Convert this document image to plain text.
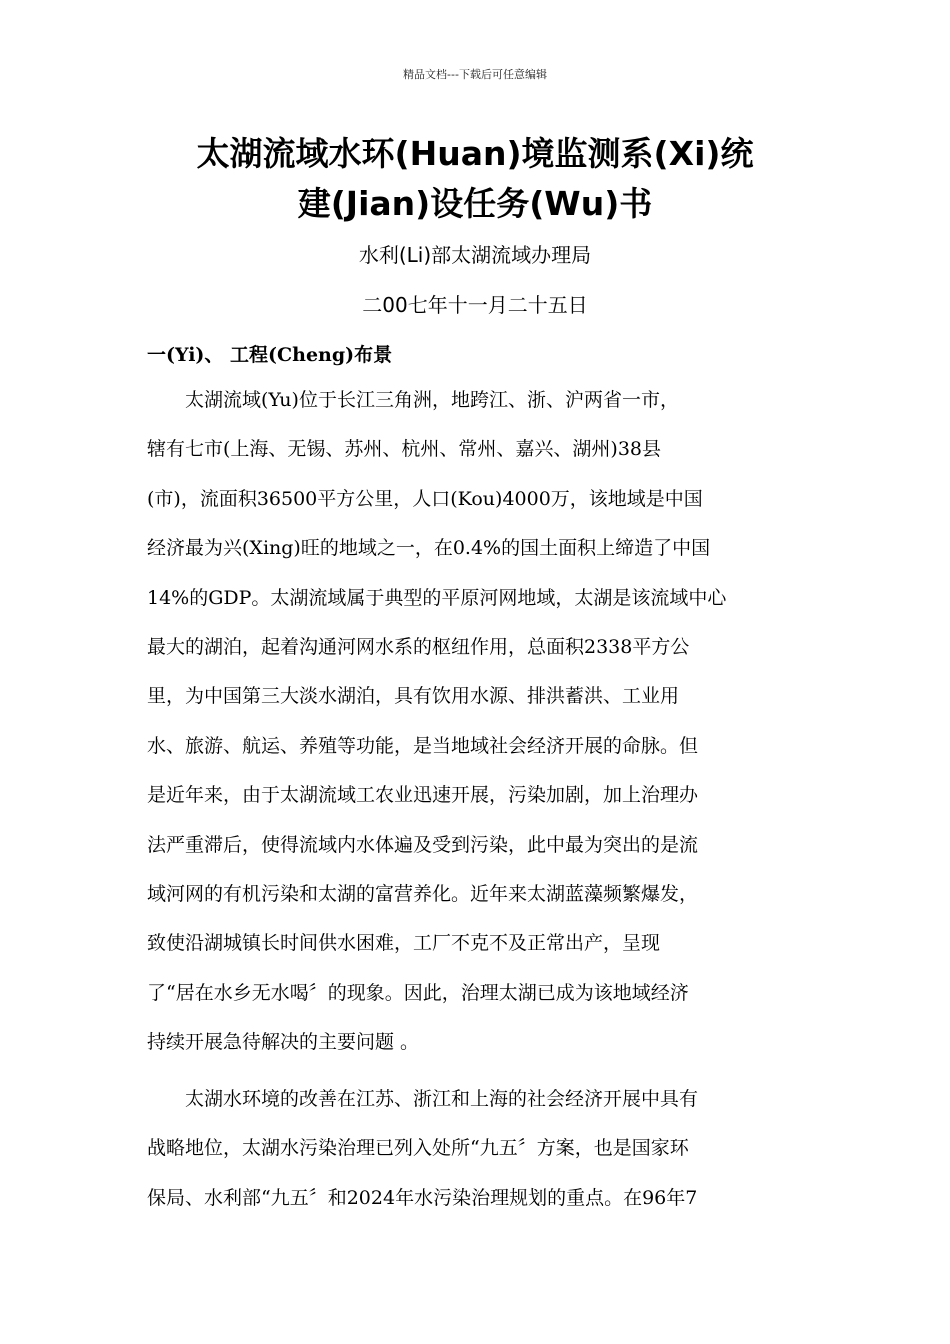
精品文档---下载后可任意编辑
太湖流域水环(Huan)境监测系(Xi)统
建(Jian)设任务(Wu)书
水利(Li)部太湖流域办理局
二00七年十一月二十五日
一(Yi)、 工程(Cheng)布景
　　太湖流域(Yu)位于长江三角洲，地跨江、浙、沪两省一市，
辖有七市(上海、无锡、苏州、杭州、常州、嘉兴、湖州)38县
(市)，流面积36500平方公里，人口(Kou)4000万，该地域是中国
经济最为兴(Xing)旺的地域之一，在0.4%的国土面积上缔造了中国
14%的GDP。太湖流域属于典型的平原河网地域，太湖是该流域中心
最大的湖泊，起着沟通河网水系的枢纽作用，总面积2338平方公
里，为中国第三大淡水湖泊，具有饮用水源、排洪蓄洪、工业用
水、旅游、航运、养殖等功能，是当地域社会经济开展的命脉。但
是近年来，由于太湖流域工农业迅速开展，污染加剧，加上治理办
法严重滞后，使得流域内水体遍及受到污染，此中最为突出的是流
域河网的有机污染和太湖的富营养化。近年来太湖蓝藻频繁爆发，
致使沿湖城镇长时间供水困难，工厂不克不及正常出产，呈现
了“居在水乡无水喝〞的现象。因此，治理太湖已成为该地域经济
持续开展急待解决的主要问题 。
　　太湖水环境的改善在江苏、浙江和上海的社会经济开展中具有
战略地位，太湖水污染治理已列入处所“九五〞方案，也是国家环
保局、水利部“九五〞和2024年水污染治理规划的重点。在96年7
